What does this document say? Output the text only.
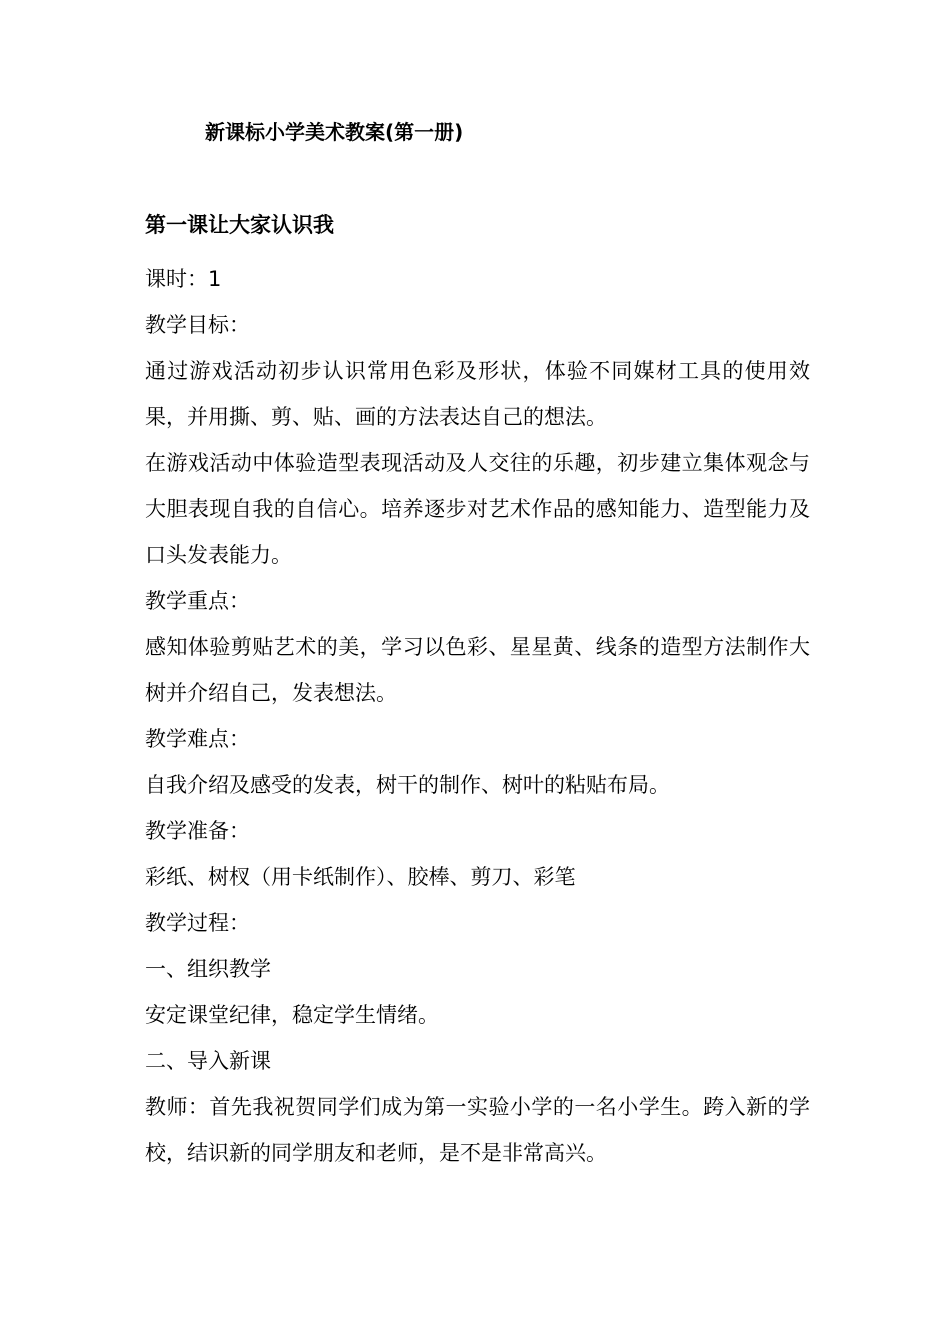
新课标小学美术教案(第一册)
第一课让大家认识我

课时：1

教学目标：

通过游戏活动初步认识常用色彩及形状，体验不同媒材工具的使用效果，并用撕、剪、贴、画的方法表达自己的想法。

在游戏活动中体验造型表现活动及人交往的乐趣，初步建立集体观念与大胆表现自我的自信心。培养逐步对艺术作品的感知能力、造型能力及口头发表能力。

教学重点：

感知体验剪贴艺术的美，学习以色彩、星星黄、线条的造型方法制作大树并介绍自己，发表想法。

教学难点：

自我介绍及感受的发表，树干的制作、树叶的粘贴布局。

教学准备：

彩纸、树杈（用卡纸制作）、胶棒、剪刀、彩笔

教学过程：

一、组织教学

安定课堂纪律，稳定学生情绪。

二、导入新课

教师：首先我祝贺同学们成为第一实验小学的一名小学生。跨入新的学校，结识新的同学朋友和老师，是不是非常高兴。
